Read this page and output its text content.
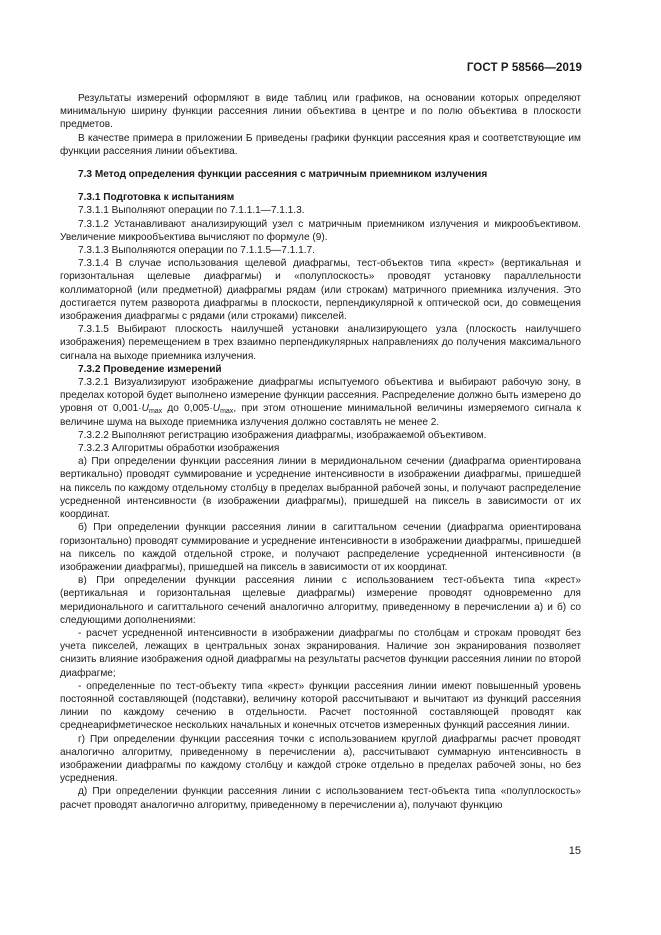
ГОСТ Р 58566—2019

Результаты измерений оформляют в виде таблиц или графиков, на основании которых определяют минимальную ширину функции рассеяния линии объектива в центре и по полю объектива в плоскости предметов.

В качестве примера в приложении Б приведены графики функции рассеяния края и соответствующие им функции рассеяния линии объектива.

7.3 Метод определения функции рассеяния с матричным приемником излучения

7.3.1 Подготовка к испытаниям

7.3.1.1 Выполняют операции по 7.1.1.1—7.1.1.3.

7.3.1.2 Устанавливают анализирующий узел с матричным приемником излучения и микрообъективом. Увеличение микрообъектива вычисляют по формуле (9).

7.3.1.3 Выполняются операции по 7.1.1.5—7.1.1.7.

7.3.1.4 В случае использования щелевой диафрагмы, тест-объектов типа «крест» (вертикальная и горизонтальная щелевые диафрагмы) и «полуплоскость» проводят установку параллельности коллиматорной (или предметной) диафрагмы рядам (или строкам) матричного приемника излучения. Это достигается путем разворота диафрагмы в плоскости, перпендикулярной к оптической оси, до совмещения изображения диафрагмы с рядами (или строками) пикселей.

7.3.1.5 Выбирают плоскость наилучшей установки анализирующего узла (плоскость наилучшего изображения) перемещением в трех взаимно перпендикулярных направлениях до получения максимального сигнала на выходе приемника излучения.

7.3.2 Проведение измерений

7.3.2.1 Визуализируют изображение диафрагмы испытуемого объектива и выбирают рабочую зону, в пределах которой будет выполнено измерение функции рассеяния. Распределение должно быть измерено до уровня от $0,001\cdot U_{max}$ до $0,005\cdot U_{max}$, при этом отношение минимальной величины измеряемого сигнала к величине шума на выходе приемника излучения должно составлять не менее 2.

7.3.2.2 Выполняют регистрацию изображения диафрагмы, изображаемой объективом.

7.3.2.3 Алгоритмы обработки изображения

а) При определении функции рассеяния линии в меридиональном сечении (диафрагма ориентирована вертикально) проводят суммирование и усреднение интенсивности в изображении диафрагмы, пришедшей на пиксель по каждому отдельному столбцу в пределах выбранной рабочей зоны, и получают распределение усредненной интенсивности (в изображении диафрагмы), пришедшей на пиксель в зависимости от их координат.

б) При определении функции рассеяния линии в сагиттальном сечении (диафрагма ориентирована горизонтально) проводят суммирование и усреднение интенсивности в изображении диафрагмы, пришедшей на пиксель по каждой отдельной строке, и получают распределение усредненной интенсивности (в изображении диафрагмы), пришедшей на пиксель в зависимости от их координат.

в) При определении функции рассеяния линии с использованием тест-объекта типа «крест» (вертикальная и горизонтальная щелевые диафрагмы) измерение проводят одновременно для меридионального и сагиттального сечений аналогично алгоритму, приведенному в перечислении а) и б) со следующими дополнениями:

- расчет усредненной интенсивности в изображении диафрагмы по столбцам и строкам проводят без учета пикселей, лежащих в центральных зонах экранирования. Наличие зон экранирования позволяет снизить влияние изображения одной диафрагмы на результаты расчетов функции рассеяния линии по второй диафрагме;

- определенные по тест-объекту типа «крест» функции рассеяния линии имеют повышенный уровень постоянной составляющей (подставки), величину которой рассчитывают и вычитают из функций рассеяния линии по каждому сечению в отдельности. Расчет постоянной составляющей проводят как среднеарифметическое нескольких начальных и конечных отсчетов измеренных функций рассеяния линии.

г) При определении функции рассеяния точки с использованием круглой диафрагмы расчет проводят аналогично алгоритму, приведенному в перечислении а), рассчитывают суммарную интенсивность в изображении диафрагмы по каждому столбцу и каждой строке отдельно в пределах рабочей зоны, но без усреднения.

д) При определении функции рассеяния линии с использованием тест-объекта типа «полуплоскость» расчет проводят аналогично алгоритму, приведенному в перечислении а), получают функцию

15
